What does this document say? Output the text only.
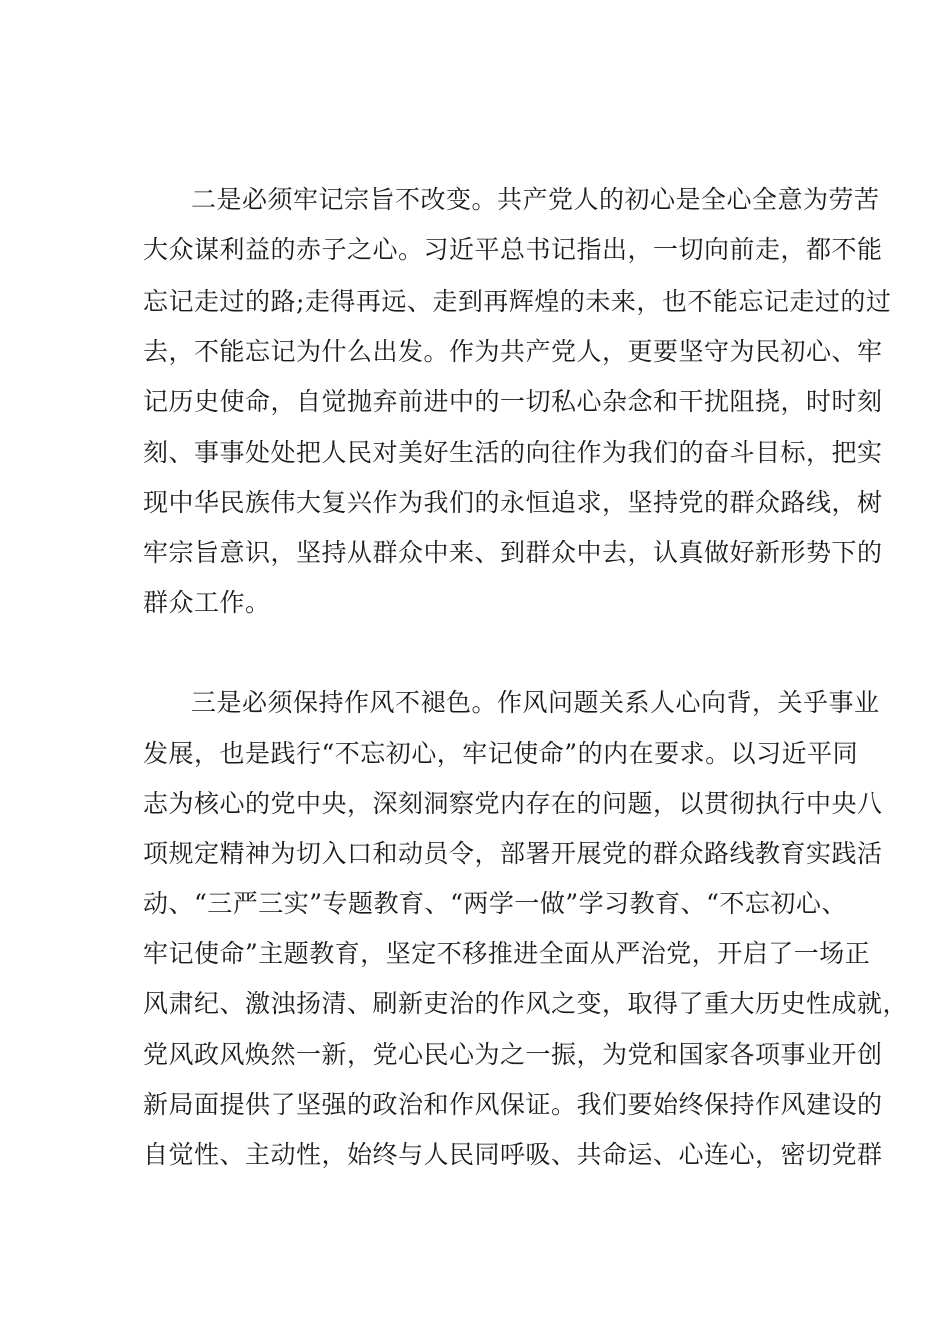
二是必须牢记宗旨不改变。共产党人的初心是全心全意为劳苦

大众谋利益的赤子之心。习近平总书记指出，一切向前走，都不能

忘记走过的路;走得再远、走到再辉煌的未来，也不能忘记走过的过

去，不能忘记为什么出发。作为共产党人，更要坚守为民初心、牢

记历史使命，自觉抛弃前进中的一切私心杂念和干扰阻挠，时时刻

刻、事事处处把人民对美好生活的向往作为我们的奋斗目标，把实

现中华民族伟大复兴作为我们的永恒追求，坚持党的群众路线，树

牢宗旨意识，坚持从群众中来、到群众中去，认真做好新形势下的

群众工作。

三是必须保持作风不褪色。作风问题关系人心向背，关乎事业

发展，也是践行“不忘初心，牢记使命”的内在要求。以习近平同

志为核心的党中央，深刻洞察党内存在的问题，以贯彻执行中央八

项规定精神为切入口和动员令，部署开展党的群众路线教育实践活

动、“三严三实”专题教育、“两学一做”学习教育、“不忘初心、

牢记使命”主题教育，坚定不移推进全面从严治党，开启了一场正

风肃纪、激浊扬清、刷新吏治的作风之变，取得了重大历史性成就，

党风政风焕然一新，党心民心为之一振，为党和国家各项事业开创

新局面提供了坚强的政治和作风保证。我们要始终保持作风建设的

自觉性、主动性，始终与人民同呼吸、共命运、心连心，密切党群
